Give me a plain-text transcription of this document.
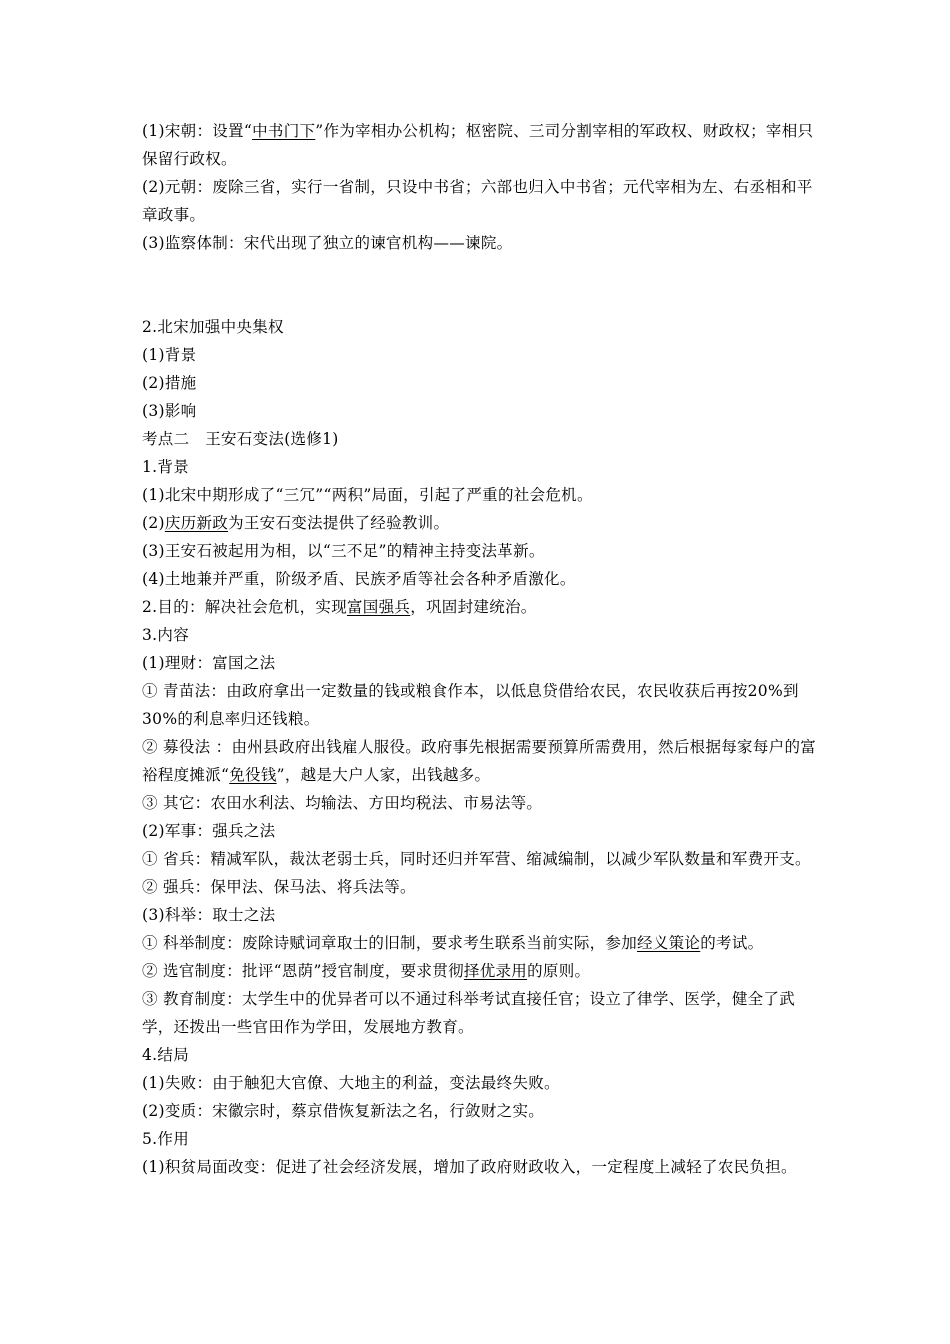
(1)宋朝：设置“中书门下”作为宰相办公机构；枢密院、三司分割宰相的军政权、财政权；宰相只保留行政权。

(2)元朝：废除三省，实行一省制，只设中书省；六部也归入中书省；元代宰相为左、右丞相和平章政事。

(3)监察体制：宋代出现了独立的谏官机构——谏院。

2.北宋加强中央集权

(1)背景

(2)措施

(3)影响

考点二　王安石变法(选修1)

1.背景

(1)北宋中期形成了“三冗”“两积”局面，引起了严重的社会危机。

(2)庆历新政为王安石变法提供了经验教训。

(3)王安石被起用为相，以“三不足”的精神主持变法革新。

(4)土地兼并严重，阶级矛盾、民族矛盾等社会各种矛盾激化。

2.目的：解决社会危机，实现富国强兵，巩固封建统治。

3.内容

(1)理财：富国之法

① 青苗法：由政府拿出一定数量的钱或粮食作本，以低息贷借给农民，农民收获后再按20%到30%的利息率归还钱粮。

② 募役法 ：由州县政府出钱雇人服役。政府事先根据需要预算所需费用，然后根据每家每户的富裕程度摊派“免役钱”，越是大户人家，出钱越多。

③ 其它：农田水利法、均输法、方田均税法、市易法等。

(2)军事：强兵之法

① 省兵：精减军队，裁汰老弱士兵，同时还归并军营、缩减编制，以减少军队数量和军费开支。

② 强兵：保甲法、保马法、将兵法等。

(3)科举：取士之法

① 科举制度：废除诗赋词章取士的旧制，要求考生联系当前实际，参加经义策论的考试。

② 选官制度：批评“恩荫”授官制度，要求贯彻择优录用的原则。

③ 教育制度：太学生中的优异者可以不通过科举考试直接任官；设立了律学、医学，健全了武学，还拨出一些官田作为学田，发展地方教育。

4.结局

(1)失败：由于触犯大官僚、大地主的利益，变法最终失败。

(2)变质：宋徽宗时，蔡京借恢复新法之名，行敛财之实。

5.作用

(1)积贫局面改变：促进了社会经济发展，增加了政府财政收入，一定程度上减轻了农民负担。
